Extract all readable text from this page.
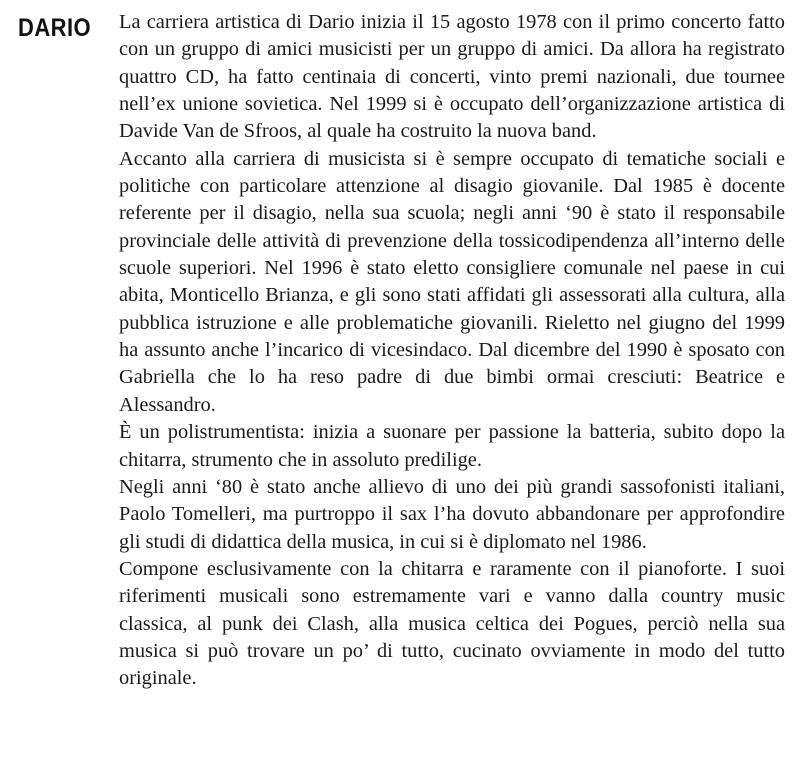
DARIO La carriera artistica di Dario inizia il 15 agosto 1978 con il primo concerto fatto con un gruppo di amici musicisti per un gruppo di amici. Da allora ha registrato quattro CD, ha fatto centinaia di concerti, vinto premi nazionali, due tournee nell’ex unione sovietica. Nel 1999 si è occupato dell’organizzazione artistica di Davide Van de Sfroos, al quale ha costruito la nuova band.

Accanto alla carriera di musicista si è sempre occupato di tematiche sociali e politiche con particolare attenzione al disagio giovanile. Dal 1985 è docente referente per il disagio, nella sua scuola; negli anni ‘90 è stato il responsabile provinciale delle attività di prevenzione della tossicodipendenza all’interno delle scuole superiori. Nel 1996 è stato eletto consigliere comunale nel paese in cui abita, Monticello Brianza, e gli sono stati affidati gli assessorati alla cultura, alla pubblica istruzione e alle problematiche giovanili. Rieletto nel giugno del 1999 ha assunto anche l’incarico di vicesindaco. Dal dicembre del 1990 è sposato con Gabriella che lo ha reso padre di due bimbi ormai cresciuti: Beatrice e Alessandro.

È un polistrumentista: inizia a suonare per passione la batteria, subito dopo la chitarra, strumento che in assoluto predilige.

Negli anni ‘80 è stato anche allievo di uno dei più grandi sassofonisti italiani, Paolo Tomelleri, ma purtroppo il sax l’ha dovuto abbandonare per approfondire gli studi di didattica della musica, in cui si è diplomato nel 1986.

Compone esclusivamente con la chitarra e raramente con il pianoforte. I suoi riferimenti musicali sono estremamente vari e vanno dalla country music classica, al punk dei Clash, alla musica celtica dei Pogues, perciò nella sua musica si può trovare un po’ di tutto, cucinato ovviamente in modo del tutto originale.
